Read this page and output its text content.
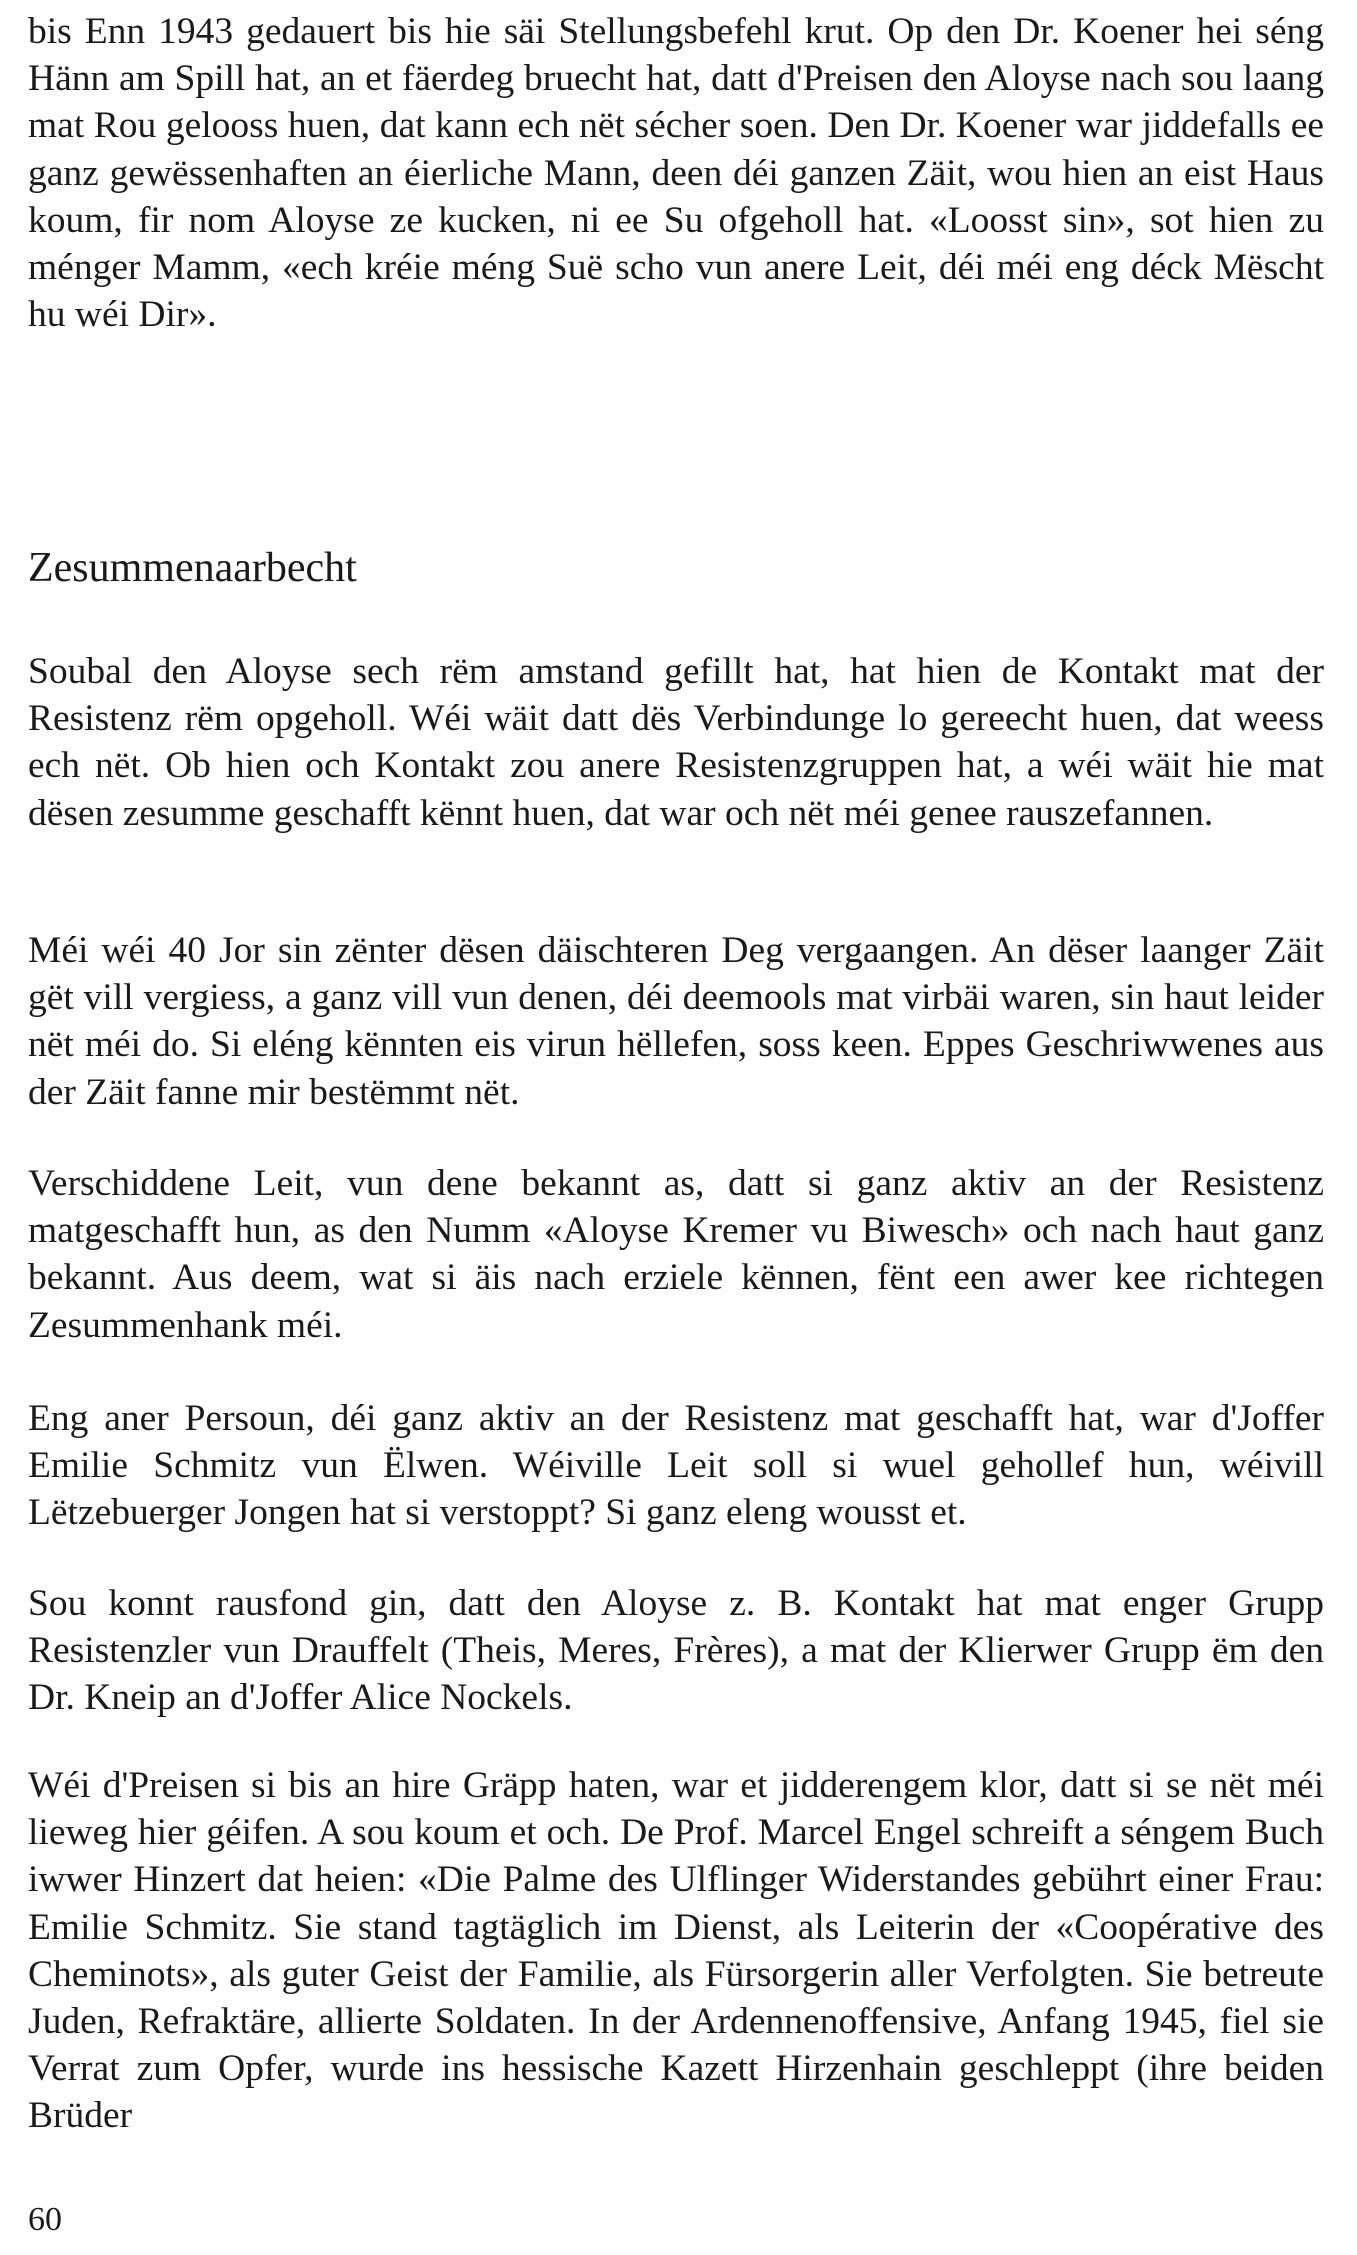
bis Enn 1943 gedauert bis hie säi Stellungsbefehl krut. Op den Dr. Koener hei séng Hänn am Spill hat, an et fäerdeg bruecht hat, datt d'Preisen den Aloyse nach sou laang mat Rou gelooss huen, dat kann ech nët sécher soen. Den Dr. Koener war jiddefalls ee ganz gewëssenhaften an éierliche Mann, deen déi ganzen Zäit, wou hien an eist Haus koum, fir nom Aloyse ze kucken, ni ee Su ofgeholl hat. «Loosst sin», sot hien zu ménger Mamm, «ech kréie méng Suë scho vun anere Leit, déi méi eng déck Mëscht hu wéi Dir».

Zesummenaarbecht

Soubal den Aloyse sech rëm amstand gefillt hat, hat hien de Kontakt mat der Resistenz rëm opgeholl. Wéi wäit datt dës Verbindunge lo gereecht huen, dat weess ech nët. Ob hien och Kontakt zou anere Resistenzgruppen hat, a wéi wäit hie mat dësen zesumme geschafft kënnt huen, dat war och nët méi genee rauszefannen.

Méi wéi 40 Jor sin zënter dësen däischteren Deg vergaangen. An dëser laanger Zäit gët vill vergiess, a ganz vill vun denen, déi deemools mat virbäi waren, sin haut leider nët méi do. Si eléng kënnten eis virun hëllefen, soss keen. Eppes Geschriwwenes aus der Zäit fanne mir bestëmmt nët.

Verschiddene Leit, vun dene bekannt as, datt si ganz aktiv an der Resistenz matgeschafft hun, as den Numm «Aloyse Kremer vu Biwesch» och nach haut ganz bekannt. Aus deem, wat si äis nach erziele kënnen, fënt een awer kee richtegen Zesummenhank méi.

Eng aner Persoun, déi ganz aktiv an der Resistenz mat geschafft hat, war d'Joffer Emilie Schmitz vun Ëlwen. Wéiville Leit soll si wuel gehollef hun, wéivill Lëtzebuerger Jongen hat si verstoppt? Si ganz eleng wousst et.

Sou konnt rausfond gin, datt den Aloyse z. B. Kontakt hat mat enger Grupp Resistenzler vun Drauffelt (Theis, Meres, Frères), a mat der Klierwer Grupp ëm den Dr. Kneip an d'Joffer Alice Nockels.

Wéi d'Preisen si bis an hire Gräpp haten, war et jidderengem klor, datt si se nët méi lieweg hier géifen. A sou koum et och. De Prof. Marcel Engel schreift a séngem Buch iwwer Hinzert dat heien: «Die Palme des Ulflinger Widerstandes gebührt einer Frau: Emilie Schmitz. Sie stand tagtäglich im Dienst, als Leiterin der «Coopérative des Cheminots», als guter Geist der Familie, als Fürsorgerin aller Verfolgten. Sie betreute Juden, Refraktäre, allierte Soldaten. In der Ardennenoffensive, Anfang 1945, fiel sie Verrat zum Opfer, wurde ins hessische Kazett Hirzenhain geschleppt (ihre beiden Brüder

60
